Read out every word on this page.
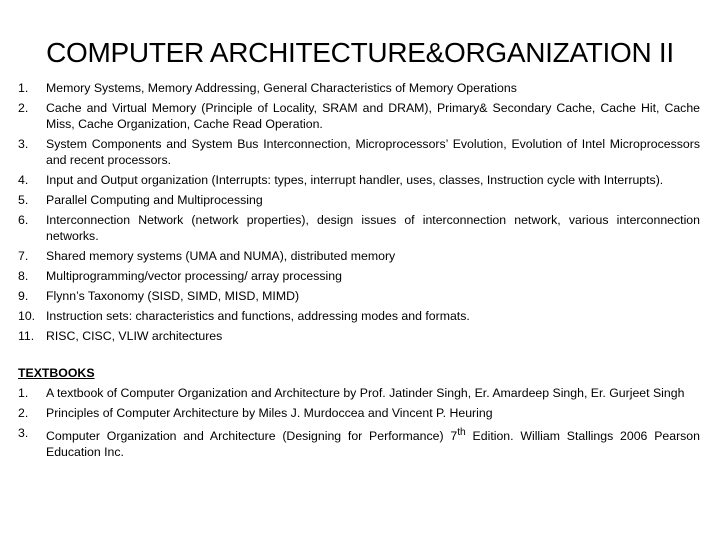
COMPUTER ARCHITECTURE&ORGANIZATION II
1.	Memory Systems, Memory Addressing, General Characteristics of Memory Operations
2.	Cache and Virtual Memory (Principle of Locality, SRAM and DRAM), Primary& Secondary Cache, Cache Hit, Cache Miss, Cache Organization, Cache Read Operation.
3.	System Components and System Bus Interconnection, Microprocessors’ Evolution, Evolution of Intel Microprocessors and recent processors.
4.	Input and Output organization (Interrupts: types, interrupt handler, uses, classes, Instruction cycle with Interrupts).
5.	Parallel Computing and Multiprocessing
6.	Interconnection Network (network properties), design issues of interconnection network, various interconnection networks.
7.	Shared memory systems (UMA and NUMA), distributed memory
8.	Multiprogramming/vector processing/ array processing
9.	Flynn’s Taxonomy (SISD, SIMD, MISD, MIMD)
10. Instruction sets: characteristics and functions, addressing modes and formats.
11. RISC, CISC, VLIW architectures
TEXTBOOKS
1.	A textbook of Computer Organization and Architecture by Prof. Jatinder Singh, Er. Amardeep Singh, Er. Gurjeet Singh
2.	Principles of Computer Architecture by Miles J. Murdoccea and Vincent P. Heuring
3.	Computer Organization and Architecture (Designing for Performance) 7th Edition. William Stallings 2006 Pearson Education Inc.
